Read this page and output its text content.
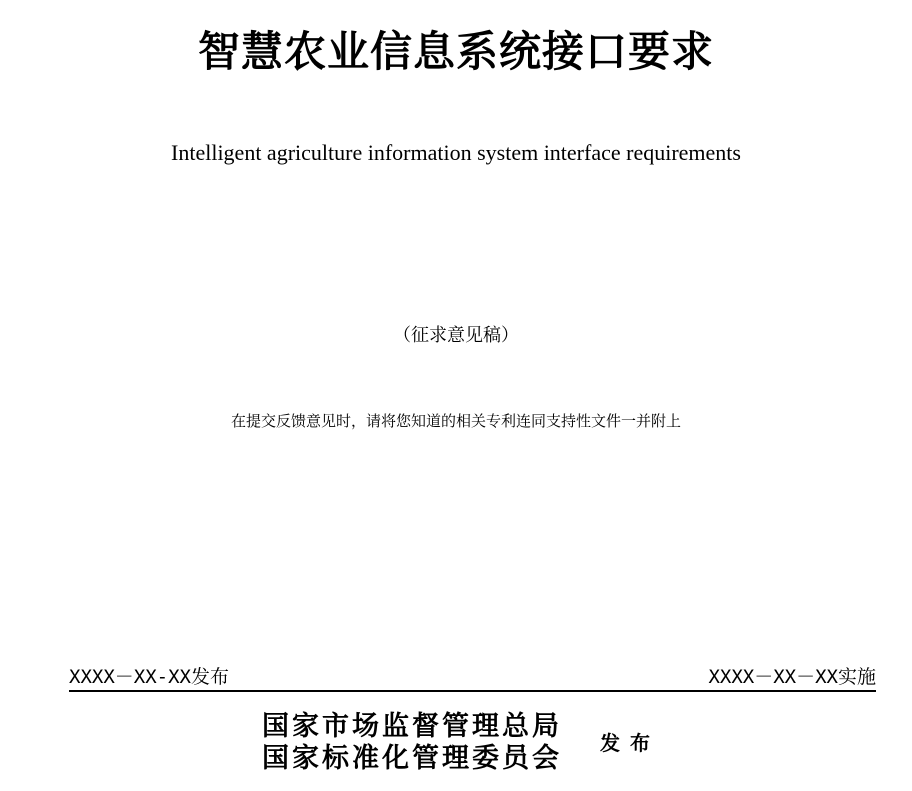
智慧农业信息系统接口要求
Intelligent agriculture information system interface requirements
（征求意见稿）
在提交反馈意见时，请将您知道的相关专利连同支持性文件一并附上
XXXX－XX-XX发布	XXXX－XX－XX实施
国家市场监督管理总局
国家标准化管理委员会	发布
